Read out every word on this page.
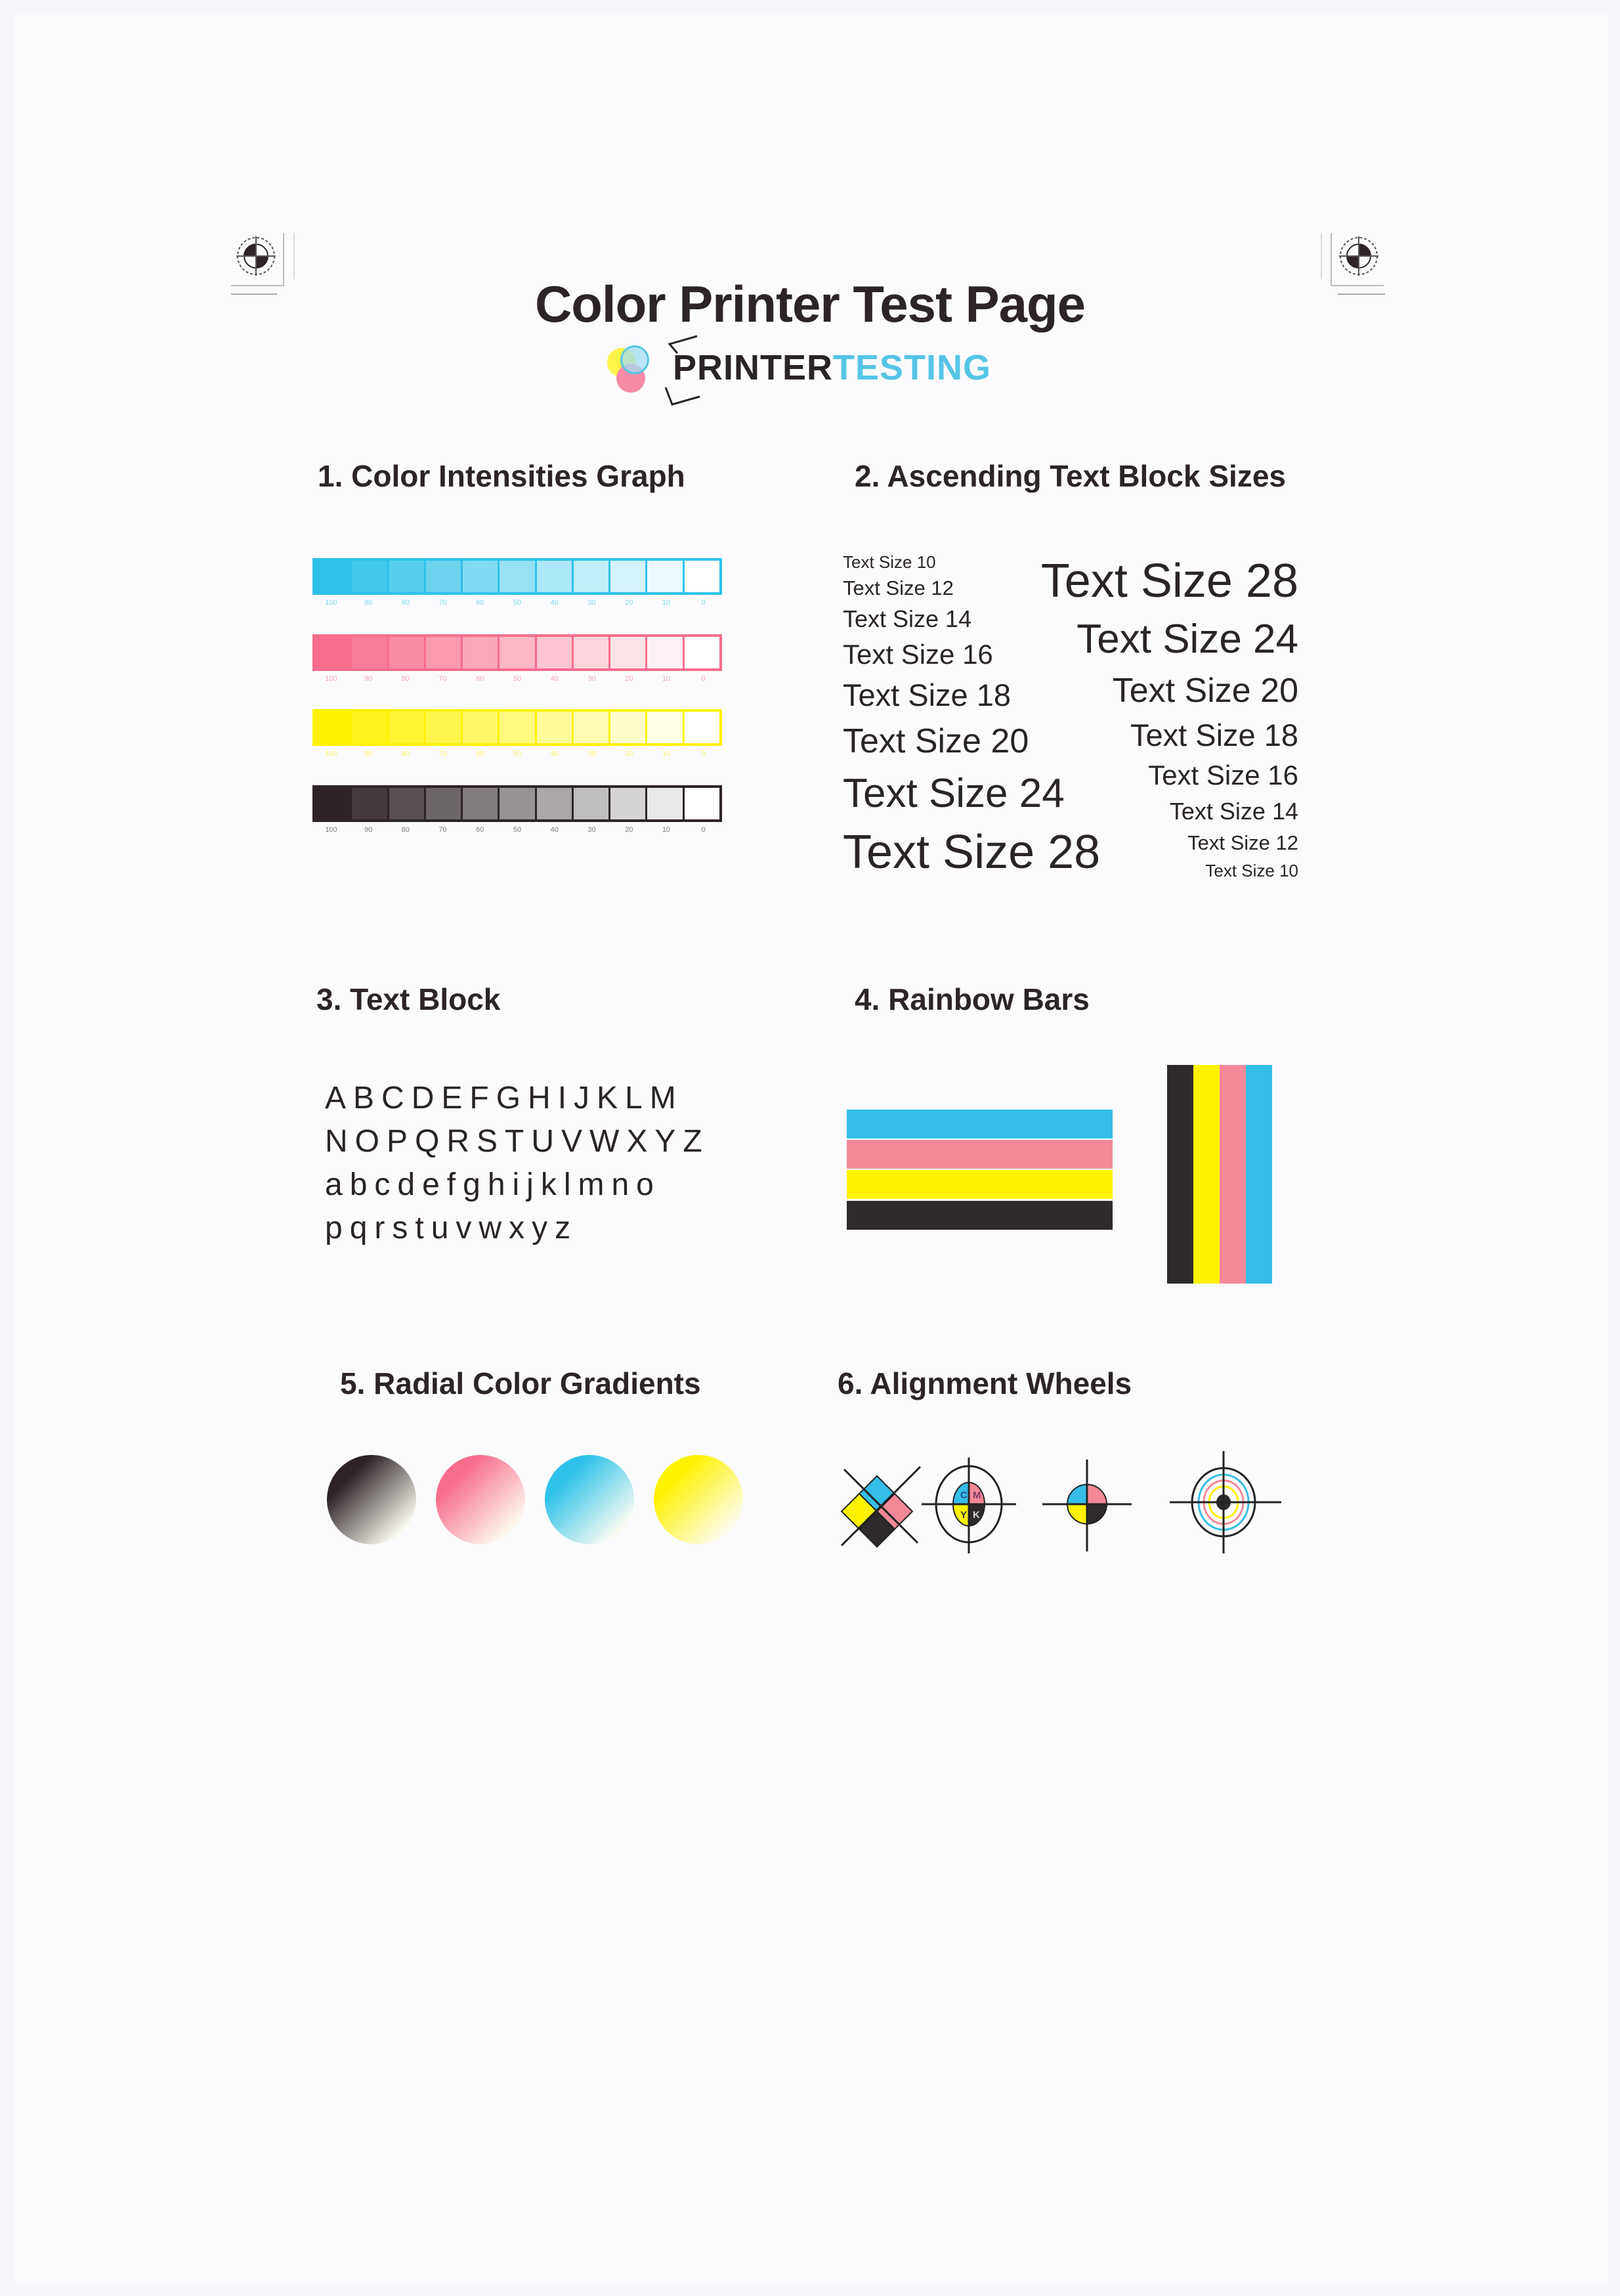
Color Printer Test Page
PRINTERTESTING
1. Color Intensities Graph
100	90	80	70	60	50	40	30	20	10	0
100	90	80	70	60	50	40	30	20	10	0
100	90	80	70	60	50	40	30	20	10	0
100	90	80	70	60	50	40	30	20	10	0
2. Ascending Text Block Sizes
Text Size 10
Text Size 12
Text Size 14
Text Size 16
Text Size 18
Text Size 20
Text Size 24
Text Size 28
Text Size 28
Text Size 24
Text Size 20
Text Size 18
Text Size 16
Text Size 14
Text Size 12
Text Size 10
3. Text Block
ABCDEFGHIJKLM
NOPQRSTUVWXYZ
abcdefghijklmno
pqrstuvwxyz
4. Rainbow Bars
5. Radial Color Gradients	6. Alignment Wheels
C M
Y K
